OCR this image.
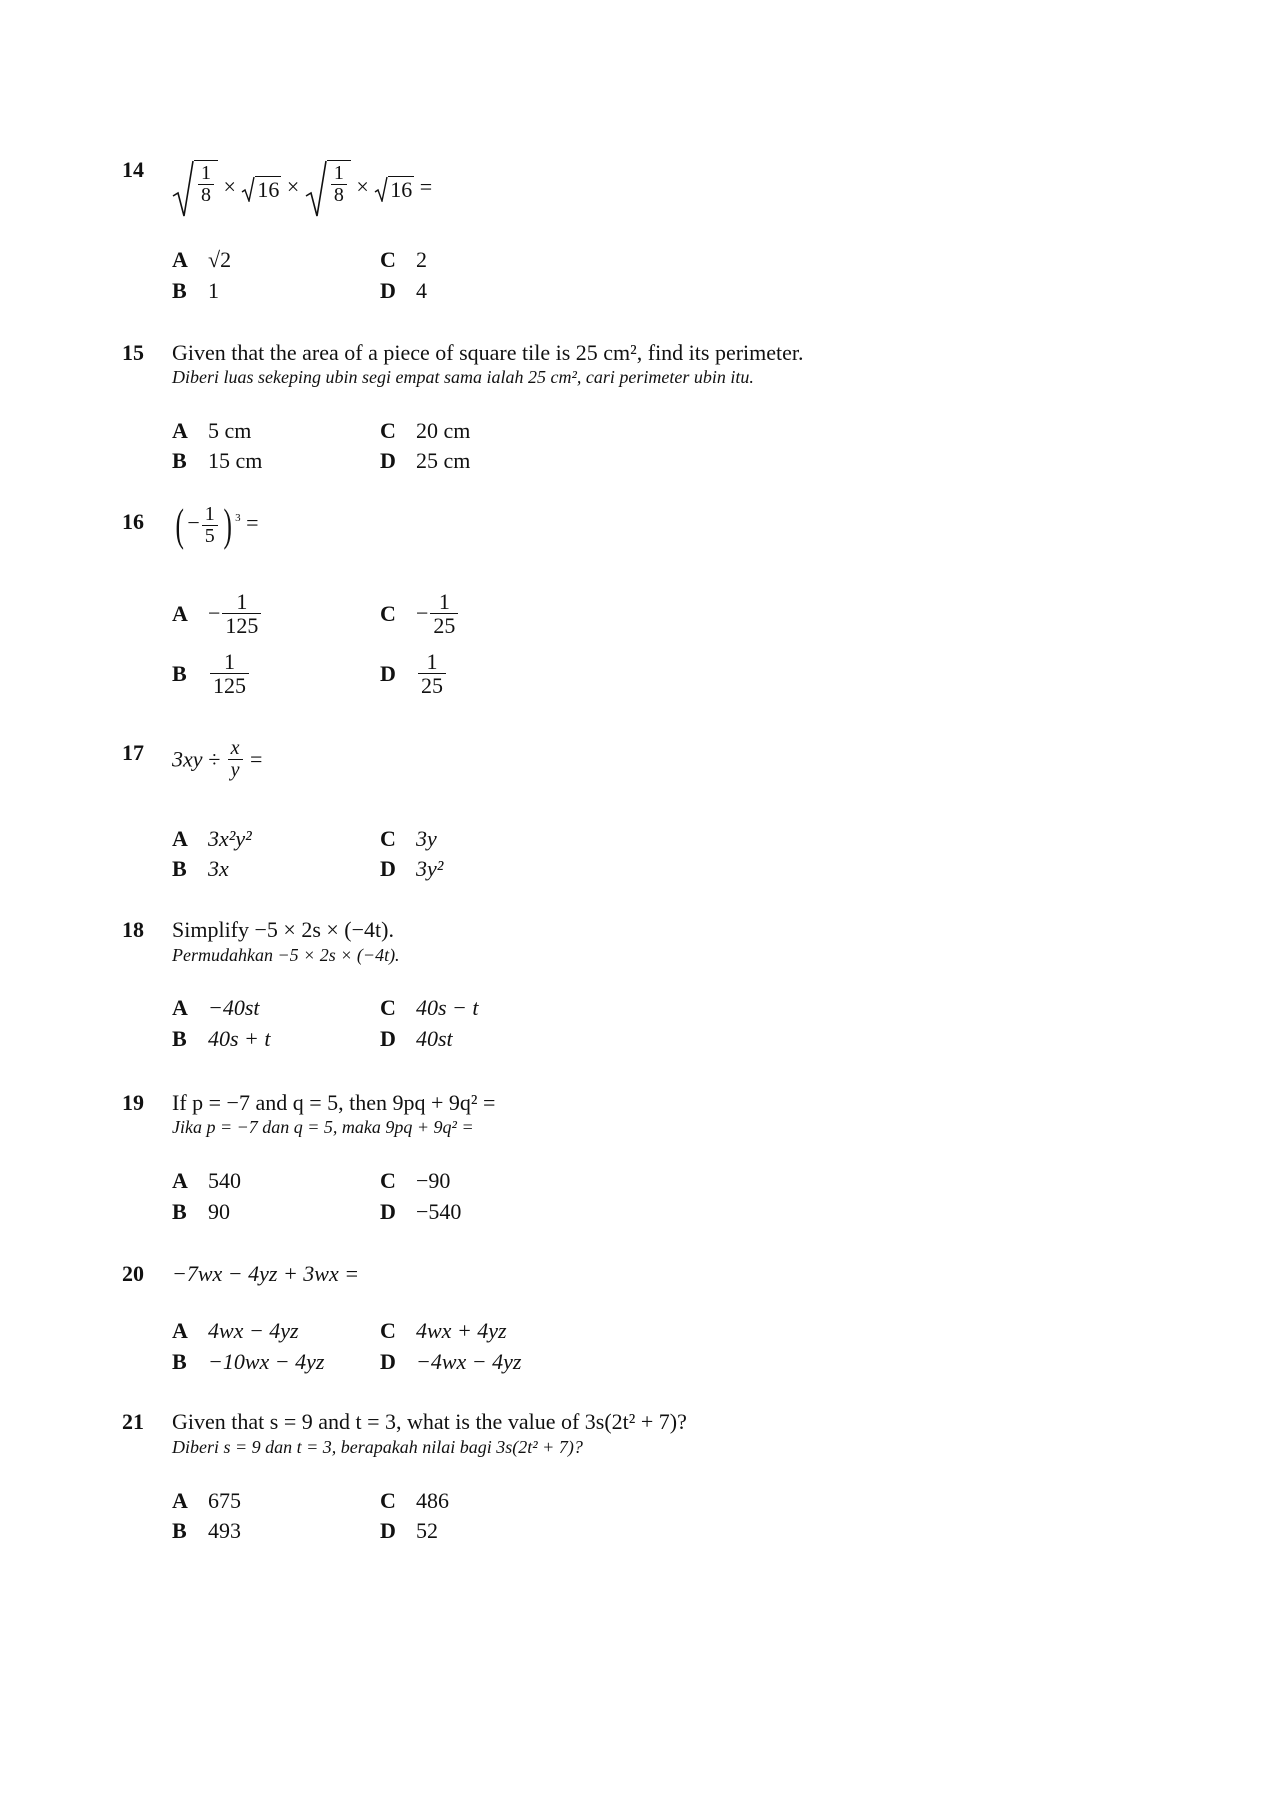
14	$\frac{1}{8} \times 16 \times \frac{1}{8} \times 16$ =
A √2	C 2
B 1	D 4
15 Given that the area of a piece of square tile is 25 cm², find its perimeter.
Diberi luas sekeping ubin segi empat sama ialah 25 cm², cari perimeter ubin itu.
A 5 cm	C 20 cm
B 15 cm	D 25 cm
16 ( − $\frac{1}{5}$ ) $^3$ =
$A - \frac{1}{125}$	$C - \frac{1}{25}$
B $\frac{1}{125}$	D $\frac{1}{25}$
17 $3xy \div \frac{x}{y}$ =
A 3x²y²	C 3y
B 3x	D 3y²
18 Simplify −5 × 2s × (−4t).
Permudahkan −5 × 2s × (−4t).
A −40st	C 40s − t
B 40s + t	D 40st
19 If p = −7 and q = 5, then 9pq + 9q² =
Jika p = −7 dan q = 5, maka 9pq + 9q² =
A 540	C −90
B 90	D −540
20 −7wx − 4yz + 3wx =
A 4wx − 4yz	C 4wx + 4yz
B −10wx − 4yz	D −4wx − 4yz
21 Given that s = 9 and t = 3, what is the value of 3s(2t² + 7)?
Diberi s = 9 dan t = 3, berapakah nilai bagi 3s(2t² + 7)?
A 675	C 486
B 493	D 52
